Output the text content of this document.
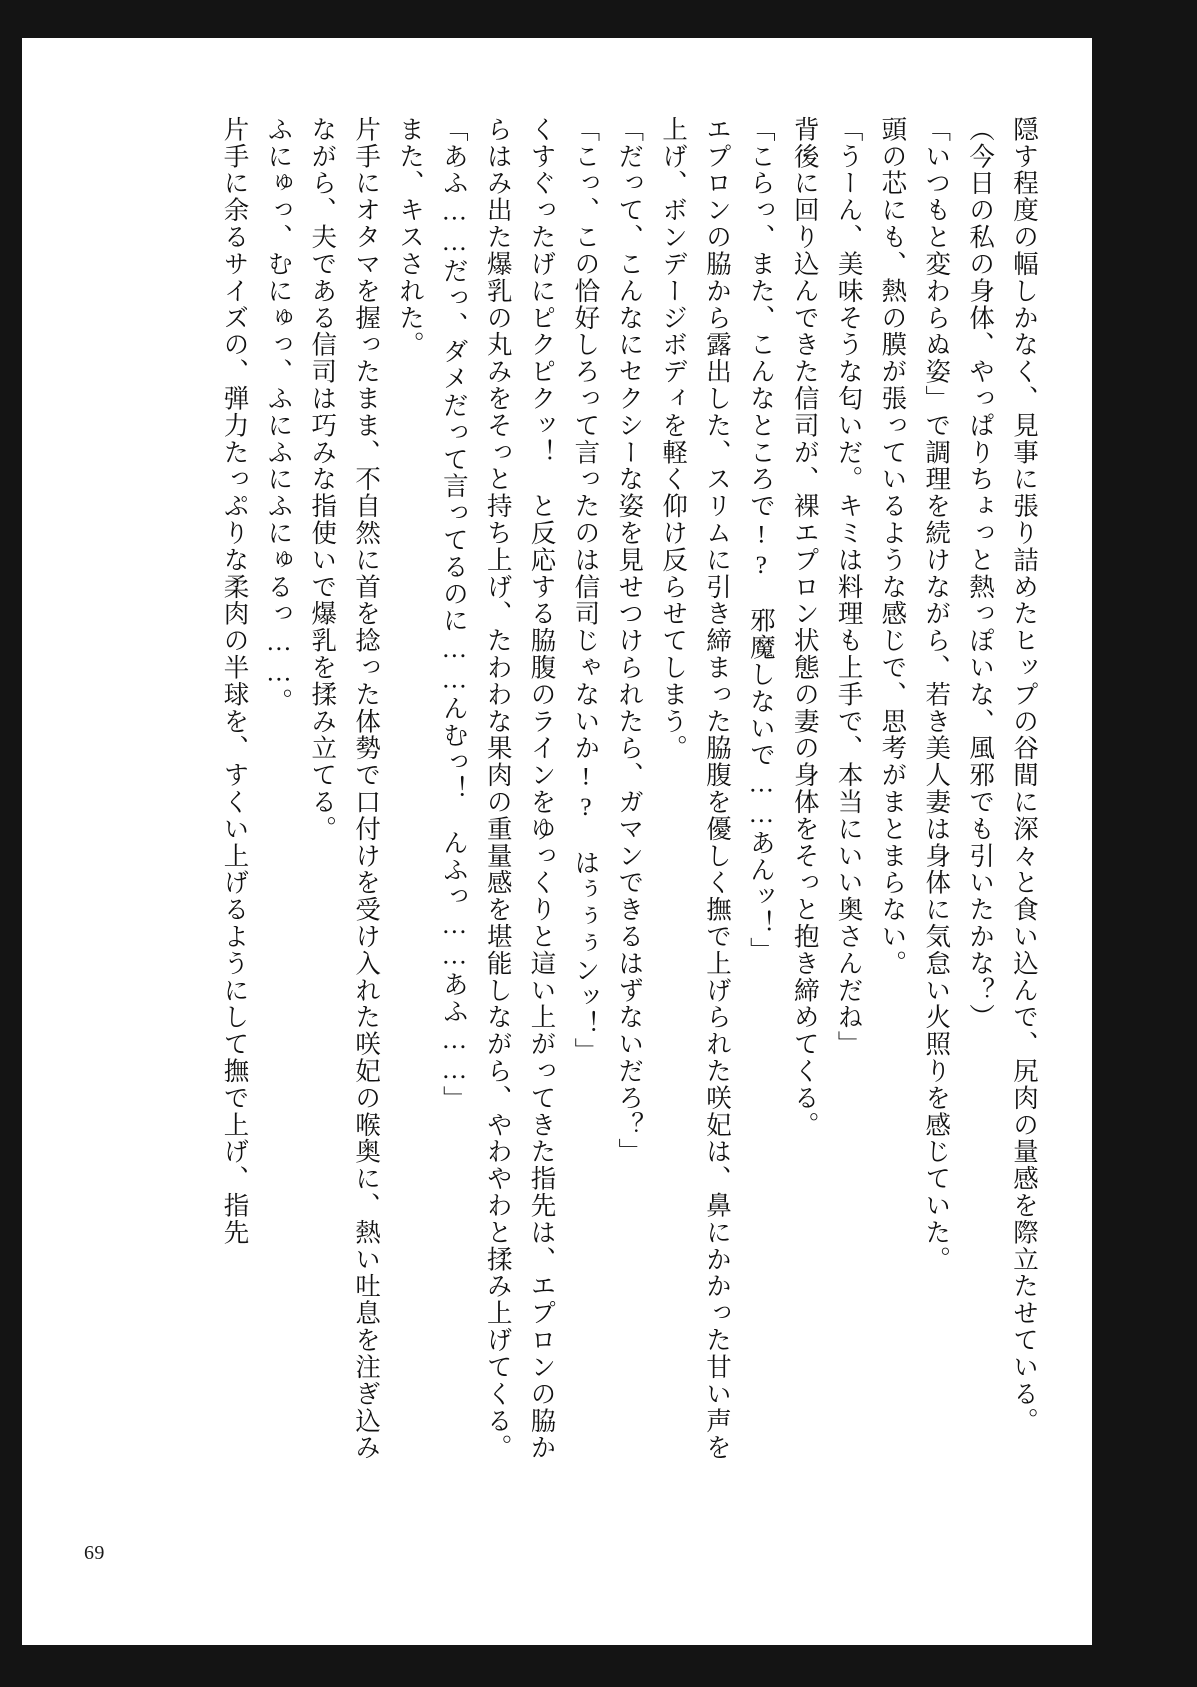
隠す程度の幅しかなく、見事に張り詰めたヒップの谷間に深々と食い込んで、尻肉の量感を際立たせている。

（今日の私の身体、やっぱりちょっと熱っぽいな、風邪でも引いたかな？）

「いつもと変わらぬ姿」で調理を続けながら、若き美人妻は身体に気怠い火照りを感じていた。

頭の芯にも、熱の膜が張っているような感じで、思考がまとまらない。

「うーん、美味そうな匂いだ。キミは料理も上手で、本当にいい奥さんだね」

背後に回り込んできた信司が、裸エプロン状態の妻の身体をそっと抱き締めてくる。

「こらっ、また、こんなところで!?　邪魔しないで……あんッ！」

エプロンの脇から露出した、スリムに引き締まった脇腹を優しく撫で上げられた咲妃は、鼻にかかった甘い声を上げ、ボンデージボディを軽く仰け反らせてしまう。

「だって、こんなにセクシーな姿を見せつけられたら、ガマンできるはずないだろ？」

「こっ、この恰好しろって言ったのは信司じゃないか!?　はぅぅぅンッ！」

くすぐったげにピクピクッ！　と反応する脇腹のラインをゆっくりと這い上がってきた指先は、エプロンの脇からはみ出た爆乳の丸みをそっと持ち上げ、たわわな果肉の重量感を堪能しながら、やわやわと揉み上げてくる。

「あふ……だっ、ダメだって言ってるのに……んむっ！　んふっ……あふ……」

また、キスされた。

片手にオタマを握ったまま、不自然に首を捻った体勢で口付けを受け入れた咲妃の喉奥に、熱い吐息を注ぎ込みながら、夫である信司は巧みな指使いで爆乳を揉み立てる。

ふにゅっ、むにゅっ、ふにふにふにゅるっ……。

片手に余るサイズの、弾力たっぷりな柔肉の半球を、すくい上げるようにして撫で上げ、指先

69
